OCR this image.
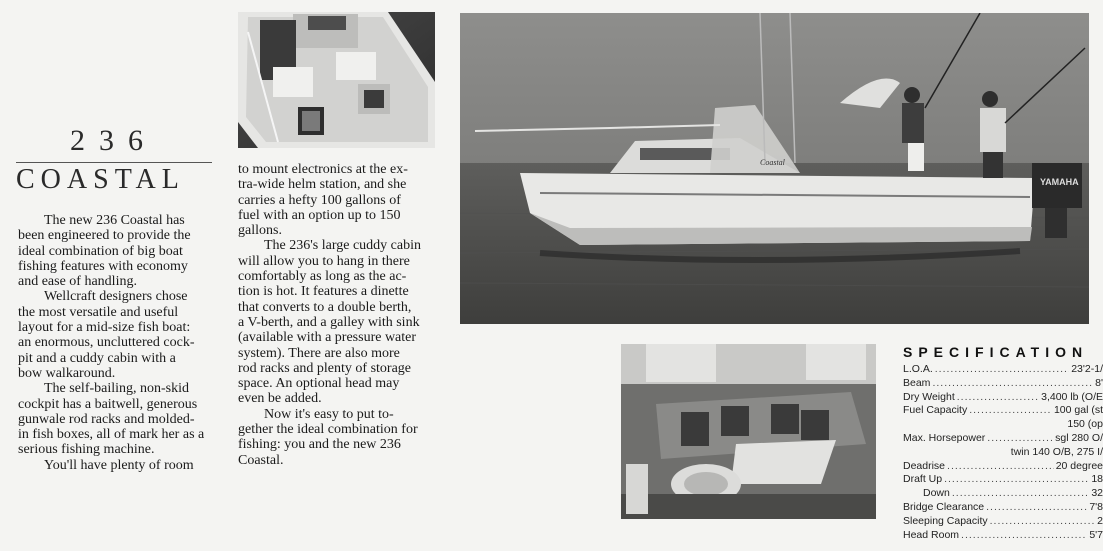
236
COASTAL
The new 236 Coastal has
been engineered to provide the
ideal combination of big boat
fishing features with economy
and ease of handling.
Wellcraft designers chose
the most versatile and useful
layout for a mid-size fish boat:
an enormous, uncluttered cock-
pit and a cuddy cabin with a
bow walkaround.
The self-bailing, non-skid
cockpit has a baitwell, generous
gunwale rod racks and molded-
in fish boxes, all of mark her as a
serious fishing machine.
You'll have plenty of room
to mount electronics at the ex-
tra-wide helm station, and she
carries a hefty 100 gallons of
fuel with an option up to 150
gallons.
The 236's large cuddy cabin
will allow you to hang in there
comfortably as long as the ac-
tion is hot. It features a dinette
that converts to a double berth,
a V-berth, and a galley with sink
(available with a pressure water
system). There are also more
rod racks and plenty of storage
space. An optional head may
even be added.
Now it's easy to put to-
gether the ideal combination for
fishing: you and the new 236
Coastal.
YAMAHA
Coastal
SPECIFICATION
L.O.A. .....	23'2-1/
Beam .....	8'
Dry Weight .....	3,400 lb (O/E
Fuel Capacity .....	100 gal (st
150 (op
Max. Horsepower .....	sgl 280 O/
twin 140 O/B, 275 I/
Deadrise .....	20 degree
Draft Up .....	18
Down .....	32
Bridge Clearance .....	7'8
Sleeping Capacity .....	2
Head Room .....	5'7
